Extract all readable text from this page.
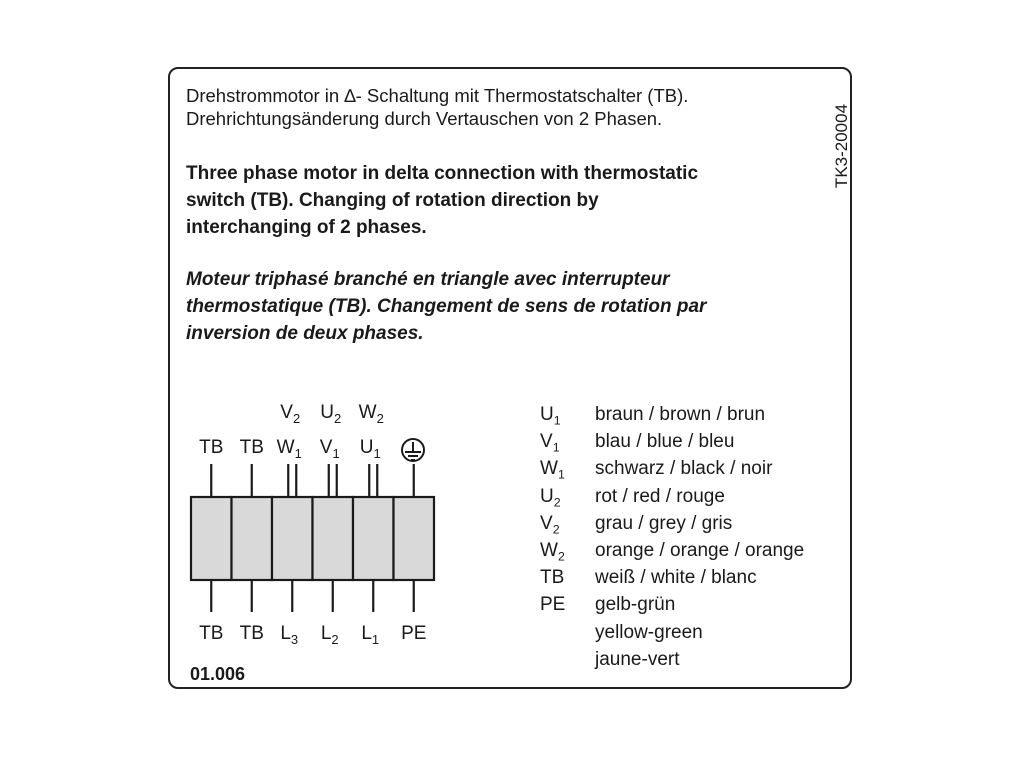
Drehstrommotor in ∆- Schaltung mit Thermostatschalter (TB).
Drehrichtungsänderung durch Vertauschen von 2 Phasen.
Three phase motor in delta connection with thermostatic
switch (TB). Changing of rotation direction by
interchanging of 2 phases.
Moteur triphasé branché en triangle avec interrupteur
thermostatique (TB). Changement de sens de rotation par
inversion de deux phases.
TK3-20004
$V_2$ $U_2$ $W_2$
TB TB $W_1$ $V_1$ $U_1$
TB TB $L_3$ $L_2$ $L_1$ PE
01.006
$U_1$
$V_1$
$W_1$
$U_2$
$V_2$
$W_2$
TB
PE
braun / brown / brun
blau / blue / bleu
schwarz / black / noir
rot / red / rouge
grau / grey / gris
orange / orange / orange
weiß / white / blanc
gelb-grün
yellow-green
jaune-vert
